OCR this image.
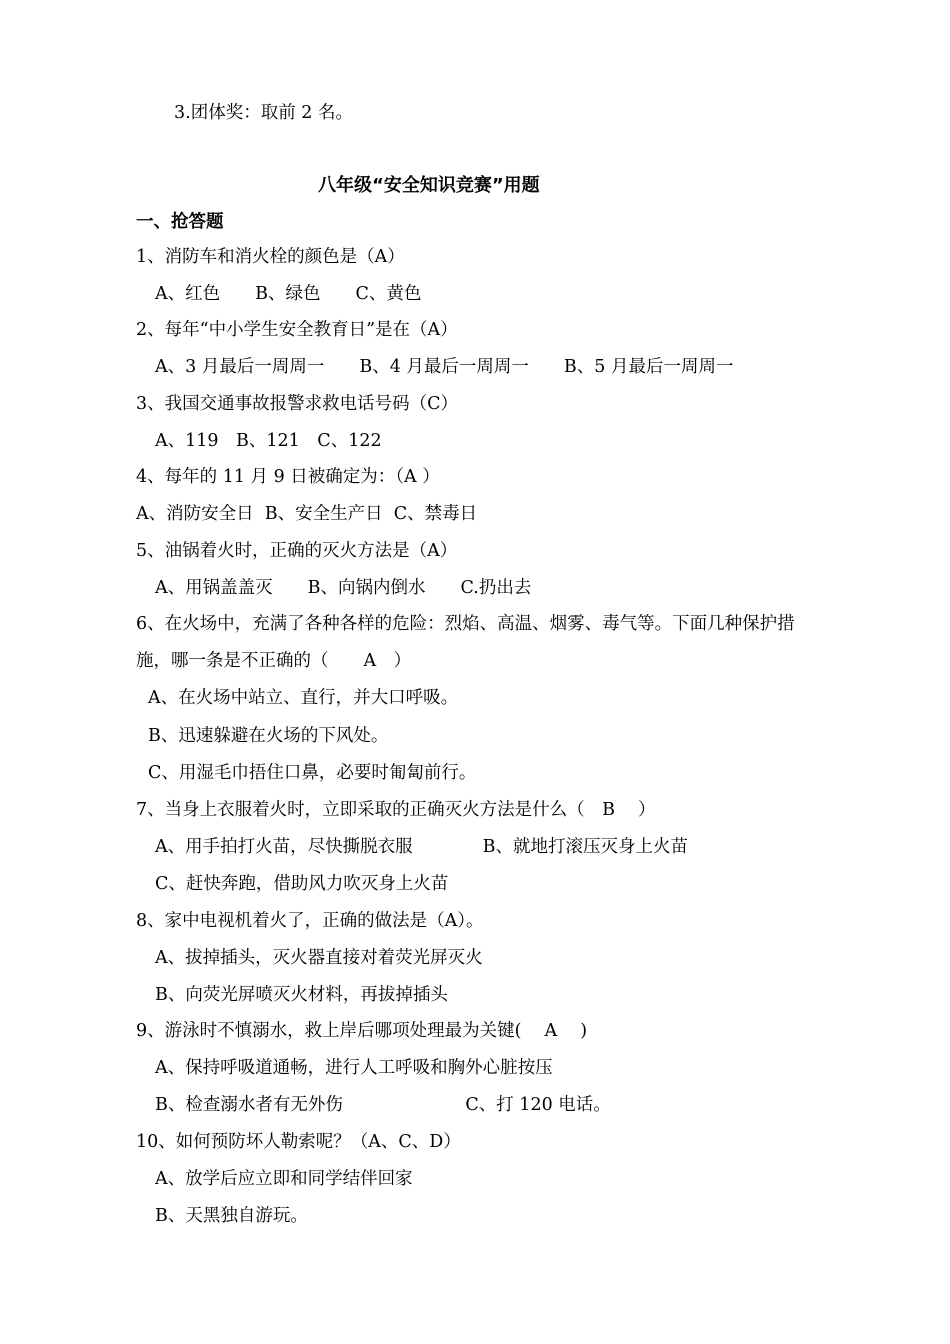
3.团体奖：取前 2 名。
八年级“安全知识竞赛”用题
一、抢答题
1、消防车和消火栓的颜色是（A）
A、红色　　B、绿色　　C、黄色
2、每年“中小学生安全教育日”是在（A）
A、3 月最后一周周一　　B、4 月最后一周周一　　B、5 月最后一周周一
3、我国交通事故报警求救电话号码（C）
A、119　B、121　C、122
4、每年的 11 月 9 日被确定为：（A ）
A、消防安全日  B、安全生产日  C、禁毒日
5、油锅着火时，正确的灭火方法是（A）
A、用锅盖盖灭　　B、向锅内倒水　　C.扔出去
6、在火场中，充满了各种各样的危险：烈焰、高温、烟雾、毒气等。下面几种保护措
施，哪一条是不正确的（　　A　）
A、在火场中站立、直行，并大口呼吸。
B、迅速躲避在火场的下风处。
C、用湿毛巾捂住口鼻，必要时匍匐前行。
7、当身上衣服着火时，立即采取的正确灭火方法是什么（　B　 ）
A、用手拍打火苗，尽快撕脱衣服　　　　B、就地打滚压灭身上火苗
C、赶快奔跑，借助风力吹灭身上火苗
8、家中电视机着火了，正确的做法是（A）。
A、拔掉插头，灭火器直接对着荧光屏灭火
B、向荧光屏喷灭火材料，再拔掉插头
9、游泳时不慎溺水，救上岸后哪项处理最为关键( 　A 　)
A、保持呼吸道通畅，进行人工呼吸和胸外心脏按压
B、检查溺水者有无外伤　　　　　　　C、打 120 电话。
10、如何预防坏人勒索呢？（A、C、D）
A、放学后应立即和同学结伴回家
B、天黑独自游玩。
